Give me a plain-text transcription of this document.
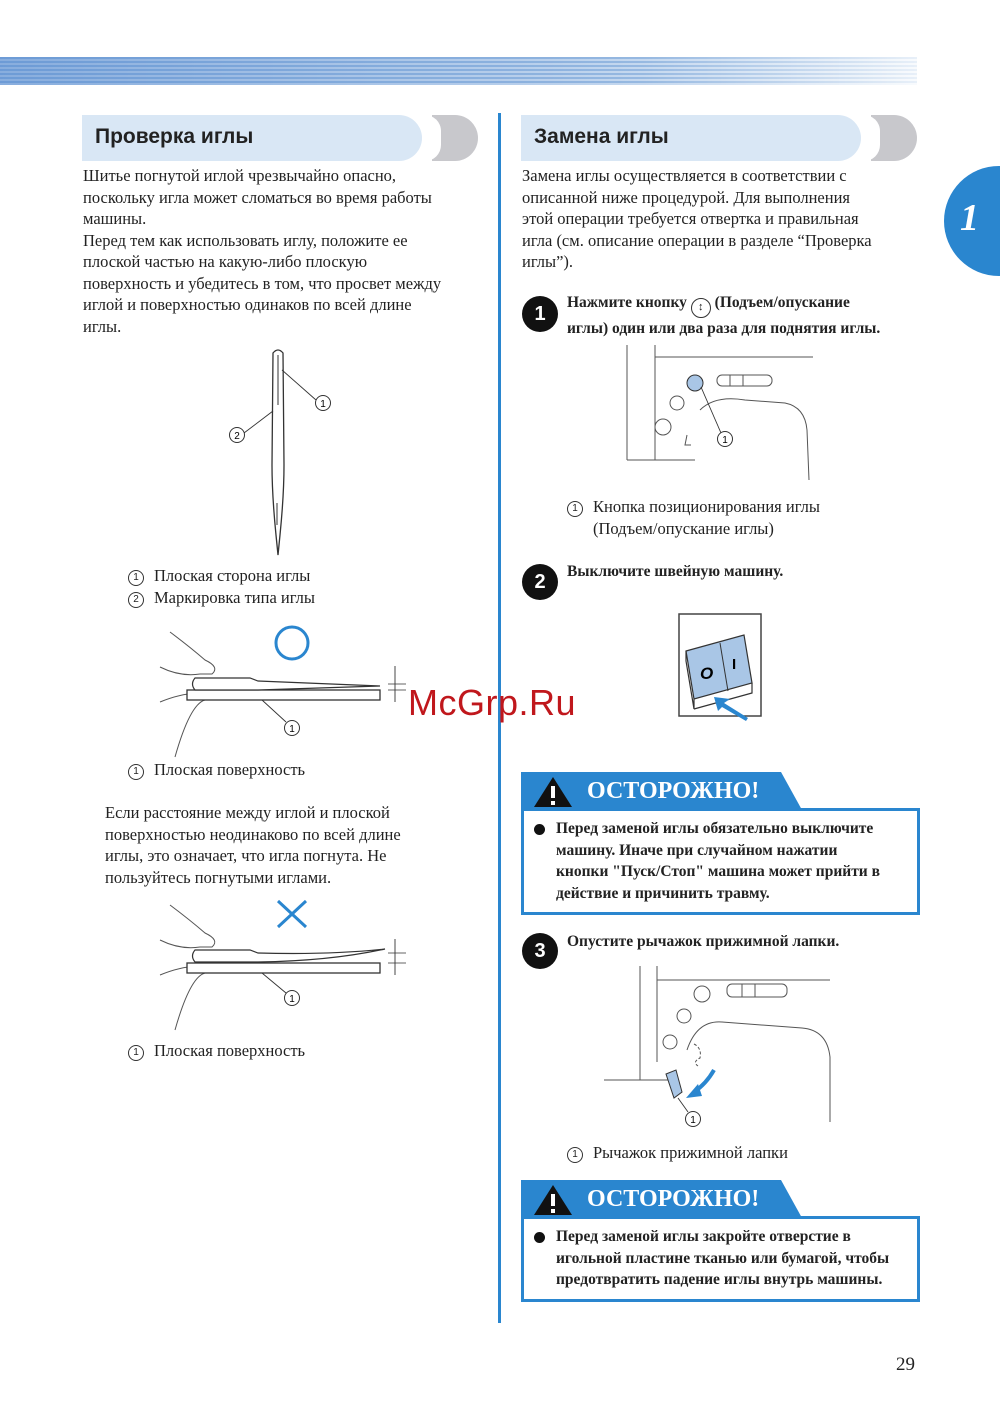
1
Проверка иглы
Шитье погнутой иглой чрезвычайно опасно,
поскольку игла может сломаться во время работы
машины.
Перед тем как использовать иглу, положите ее
плоской частью на какую-либо плоскую
поверхность и убедитесь в том, что просвет между
иглой и поверхностью одинаков по всей длине
иглы.
1
2
1 Плоская сторона иглы
2 Маркировка типа иглы
1
1 Плоская поверхность
Если расстояние между иглой и плоской
поверхностью неодинаково по всей длине
иглы, это означает, что игла погнута. Не
пользуйтесь погнутыми иглами.
1
1 Плоская поверхность
Замена иглы
Замена иглы осуществляется в соответствии с
описанной ниже процедурой. Для выполнения
этой операции требуется отвертка и правильная
игла (см. описание операции в разделе “Проверка
иглы”).
1
Нажмите кнопку ↕ (Подъем/опускание
иглы) один или два раза для поднятия иглы.
1
1 Кнопка позиционирования иглы
(Подъем/опускание иглы)
2	Выключите швейную машину.
O I
ОСТОРОЖНО!
Перед заменой иглы обязательно выключите
машину. Иначе при случайном нажатии
кнопки "Пуск/Стоп" машина может прийти в
действие и причинить травму.
3	Опустите рычажок прижимной лапки.
1
1 Рычажок прижимной лапки
ОСТОРОЖНО!
Перед заменой иглы закройте отверстие в
игольной пластине тканью или бумагой, чтобы
предотвратить падение иглы внутрь машины.
McGrp.Ru
29
